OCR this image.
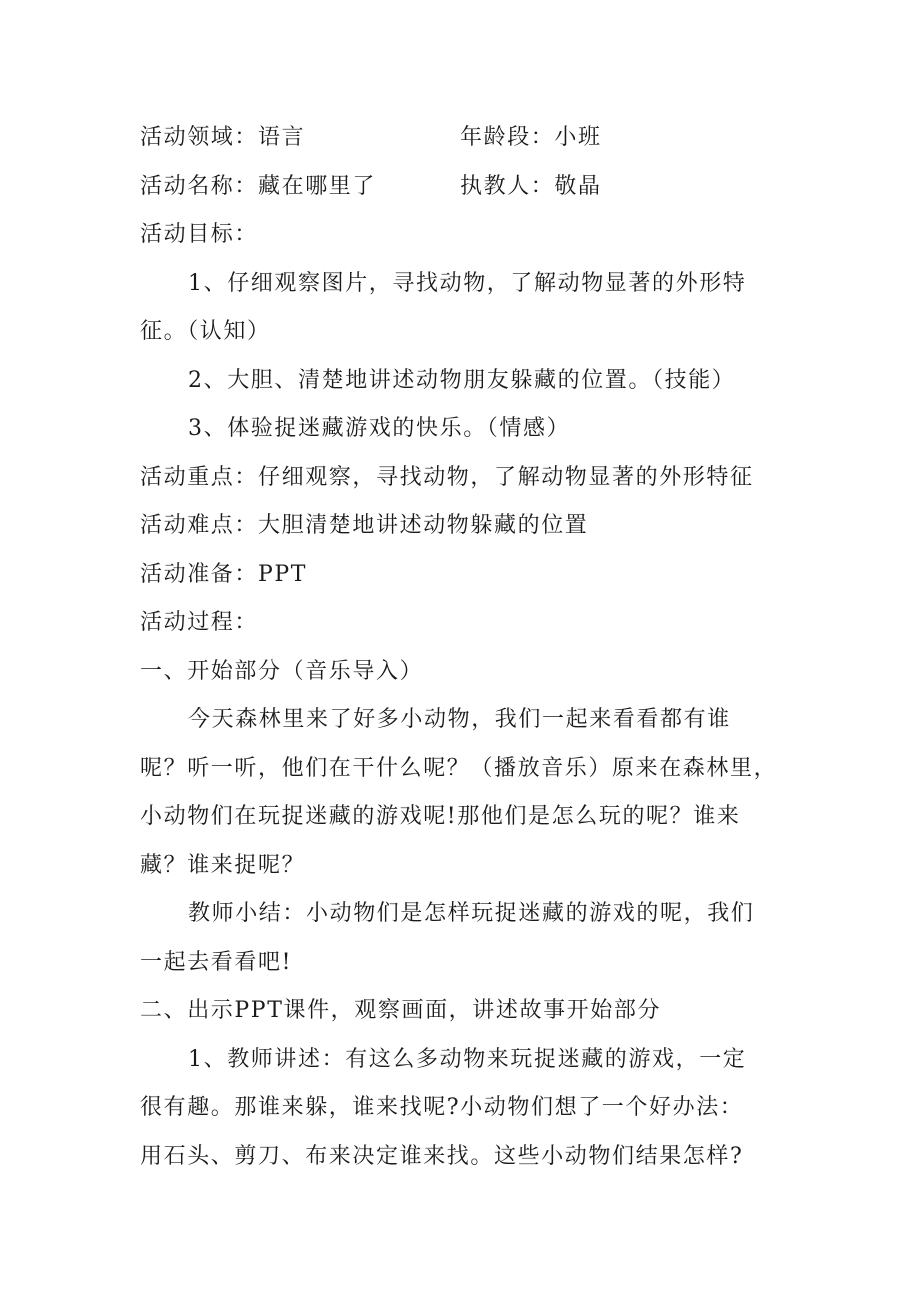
活动领域：语言	年龄段：小班
活动名称：藏在哪里了	执教人：敬晶
活动目标：
1、仔细观察图片，寻找动物，了解动物显著的外形特
征。（认知）
2、大胆、清楚地讲述动物朋友躲藏的位置。（技能）
3、体验捉迷藏游戏的快乐。（情感）
活动重点：仔细观察，寻找动物，了解动物显著的外形特征
活动难点：大胆清楚地讲述动物躲藏的位置
活动准备：PPT
活动过程：
一、开始部分（音乐导入）
今天森林里来了好多小动物，我们一起来看看都有谁
呢？听一听，他们在干什么呢？（播放音乐）原来在森林里，
小动物们在玩捉迷藏的游戏呢!那他们是怎么玩的呢？谁来
藏？谁来捉呢？
教师小结：小动物们是怎样玩捉迷藏的游戏的呢，我们
一起去看看吧!
二、出示PPT课件，观察画面，讲述故事开始部分
1、教师讲述：有这么多动物来玩捉迷藏的游戏，一定
很有趣。那谁来躲，谁来找呢?小动物们想了一个好办法：
用石头、剪刀、布来决定谁来找。这些小动物们结果怎样?
